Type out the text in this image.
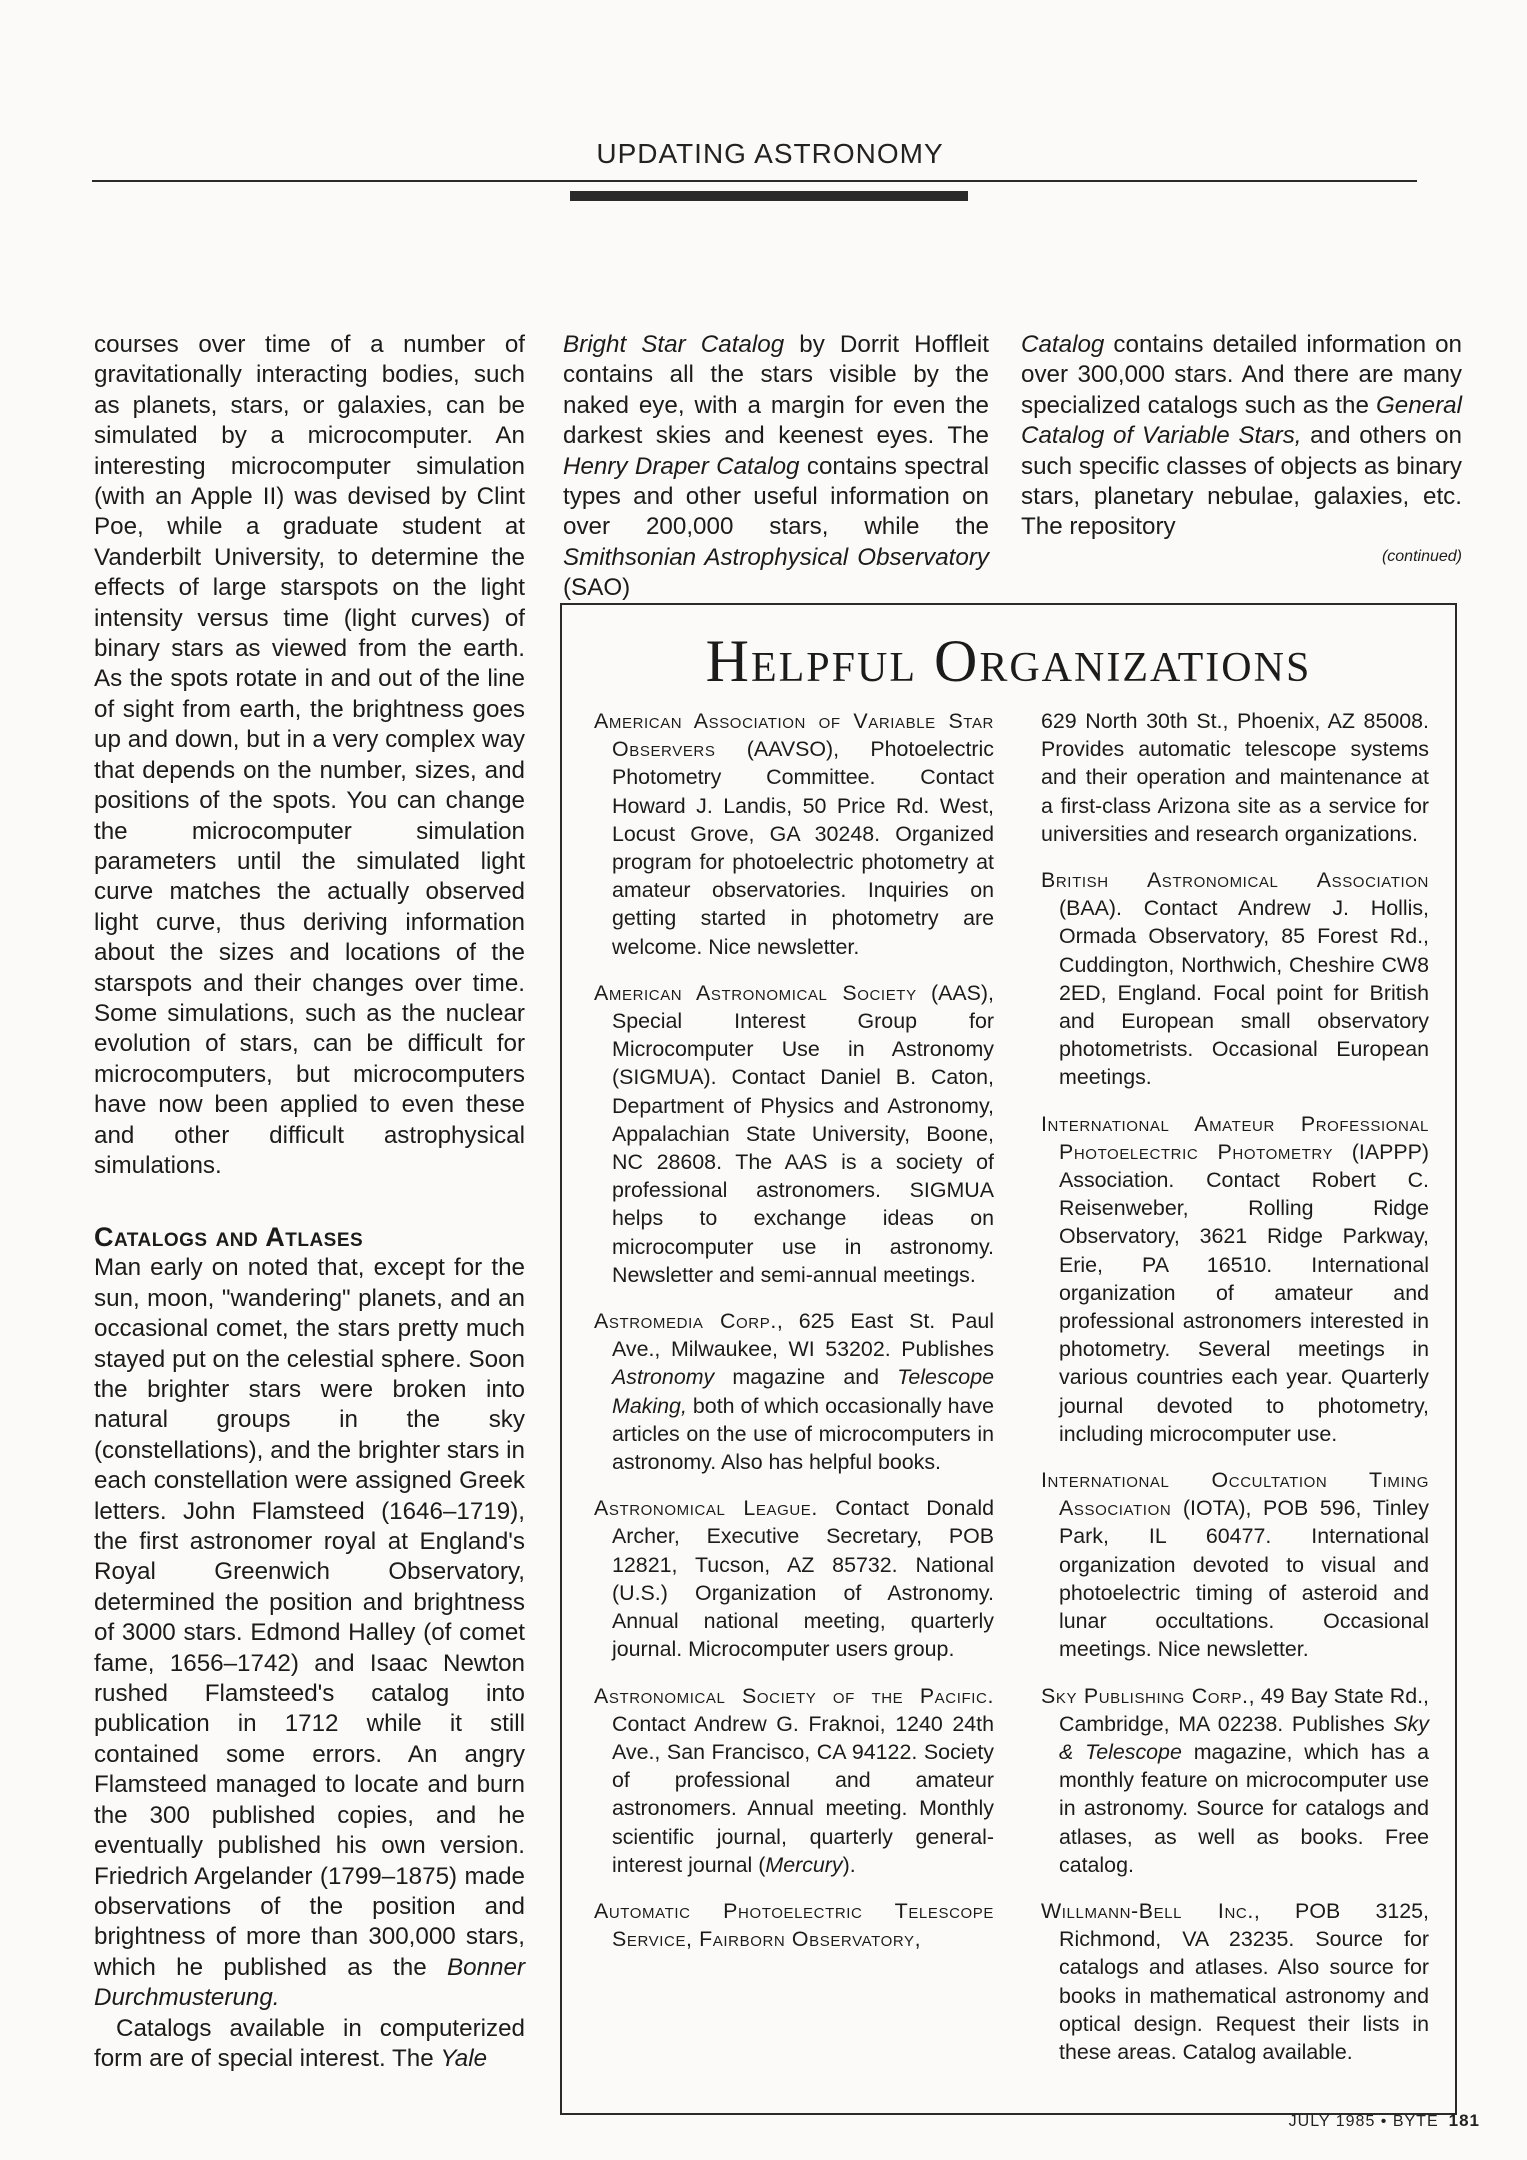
UPDATING ASTRONOMY

courses over time of a number of gravitationally interacting bodies, such as planets, stars, or galaxies, can be simulated by a microcomputer. An interesting microcomputer simulation (with an Apple II) was devised by Clint Poe, while a graduate student at Vanderbilt University, to determine the effects of large starspots on the light intensity versus time (light curves) of binary stars as viewed from the earth. As the spots rotate in and out of the line of sight from earth, the brightness goes up and down, but in a very complex way that depends on the number, sizes, and positions of the spots. You can change the microcomputer simulation parameters until the simulated light curve matches the actually observed light curve, thus deriving information about the sizes and locations of the starspots and their changes over time. Some simulations, such as the nuclear evolution of stars, can be difficult for microcomputers, but microcomputers have now been applied to even these and other difficult astrophysical simulations.

Catalogs and Atlases

Man early on noted that, except for the sun, moon, "wandering" planets, and an occasional comet, the stars pretty much stayed put on the celestial sphere. Soon the brighter stars were broken into natural groups in the sky (constellations), and the brighter stars in each constellation were assigned Greek letters. John Flamsteed (1646–1719), the first astronomer royal at England's Royal Greenwich Observatory, determined the position and brightness of 3000 stars. Edmond Halley (of comet fame, 1656–1742) and Isaac Newton rushed Flamsteed's catalog into publication in 1712 while it still contained some errors. An angry Flamsteed managed to locate and burn the 300 published copies, and he eventually published his own version. Friedrich Argelander (1799–1875) made observations of the position and brightness of more than 300,000 stars, which he published as the Bonner Durchmusterung.

Catalogs available in computerized form are of special interest. The Yale

Bright Star Catalog by Dorrit Hoffleit contains all the stars visible by the naked eye, with a margin for even the darkest skies and keenest eyes. The Henry Draper Catalog contains spectral types and other useful information on over 200,000 stars, while the Smithsonian Astrophysical Observatory (SAO)

Catalog contains detailed information on over 300,000 stars. And there are many specialized catalogs such as the General Catalog of Variable Stars, and others on such specific classes of objects as binary stars, planetary nebulae, galaxies, etc. The repository

(continued)

Helpful Organizations

American Association of Variable Star Observers (AAVSO), Photoelectric Photometry Committee. Contact Howard J. Landis, 50 Price Rd. West, Locust Grove, GA 30248. Organized program for photoelectric photometry at amateur observatories. Inquiries on getting started in photometry are welcome. Nice newsletter.

American Astronomical Society (AAS), Special Interest Group for Microcomputer Use in Astronomy (SIGMUA). Contact Daniel B. Caton, Department of Physics and Astronomy, Appalachian State University, Boone, NC 28608. The AAS is a society of professional astronomers. SIGMUA helps to exchange ideas on microcomputer use in astronomy. Newsletter and semi-annual meetings.

Astromedia Corp., 625 East St. Paul Ave., Milwaukee, WI 53202. Publishes Astronomy magazine and Telescope Making, both of which occasionally have articles on the use of microcomputers in astronomy. Also has helpful books.

Astronomical League. Contact Donald Archer, Executive Secretary, POB 12821, Tucson, AZ 85732. National (U.S.) Organization of Astronomy. Annual national meeting, quarterly journal. Microcomputer users group.

Astronomical Society of the Pacific. Contact Andrew G. Fraknoi, 1240 24th Ave., San Francisco, CA 94122. Society of professional and amateur astronomers. Annual meeting. Monthly scientific journal, quarterly general-interest journal (Mercury).

Automatic Photoelectric Telescope Service, Fairborn Observatory,

629 North 30th St., Phoenix, AZ 85008. Provides automatic telescope systems and their operation and maintenance at a first-class Arizona site as a service for universities and research organizations.

British Astronomical Association (BAA). Contact Andrew J. Hollis, Ormada Observatory, 85 Forest Rd., Cuddington, Northwich, Cheshire CW8 2ED, England. Focal point for British and European small observatory photometrists. Occasional European meetings.

International Amateur Professional Photoelectric Photometry (IAPPP) Association. Contact Robert C. Reisenweber, Rolling Ridge Observatory, 3621 Ridge Parkway, Erie, PA 16510. International organization of amateur and professional astronomers interested in photometry. Several meetings in various countries each year. Quarterly journal devoted to photometry, including microcomputer use.

International Occultation Timing Association (IOTA), POB 596, Tinley Park, IL 60477. International organization devoted to visual and photoelectric timing of asteroid and lunar occultations. Occasional meetings. Nice newsletter.

Sky Publishing Corp., 49 Bay State Rd., Cambridge, MA 02238. Publishes Sky & Telescope magazine, which has a monthly feature on microcomputer use in astronomy. Source for catalogs and atlases, as well as books. Free catalog.

Willmann-Bell Inc., POB 3125, Richmond, VA 23235. Source for catalogs and atlases. Also source for books in mathematical astronomy and optical design. Request their lists in these areas. Catalog available.

JULY 1985 • BYTE 181
